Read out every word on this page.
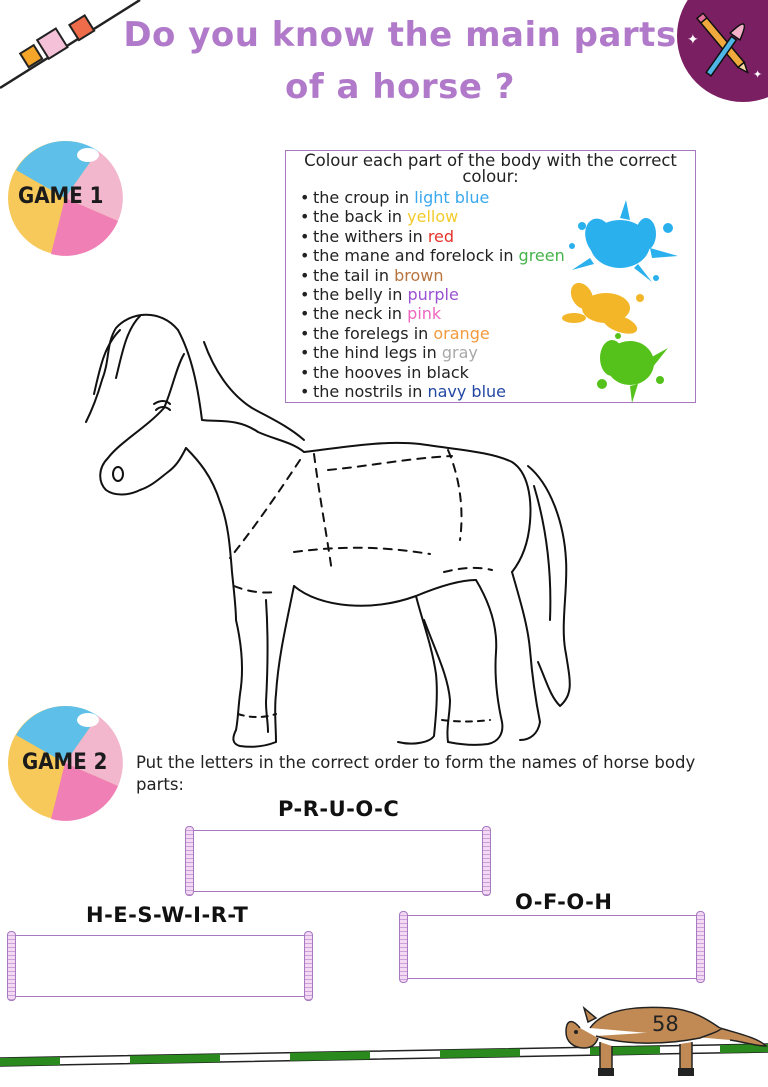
Do you know the main parts
of a horse ?
✦
✦
GAME 1
Colour each part of the body with the correct
colour:
• the croup in light blue
• the back in yellow
• the withers in red
• the mane and forelock in green
• the tail in brown
• the belly in purple
• the neck in pink
• the forelegs in orange
• the hind legs in gray
• the hooves in black
• the nostrils in navy blue
GAME 2 Put the letters in the correct order to form the names of horse body parts:
P-R-U-O-C
H-E-S-W-I-R-T
O-F-O-H
58
